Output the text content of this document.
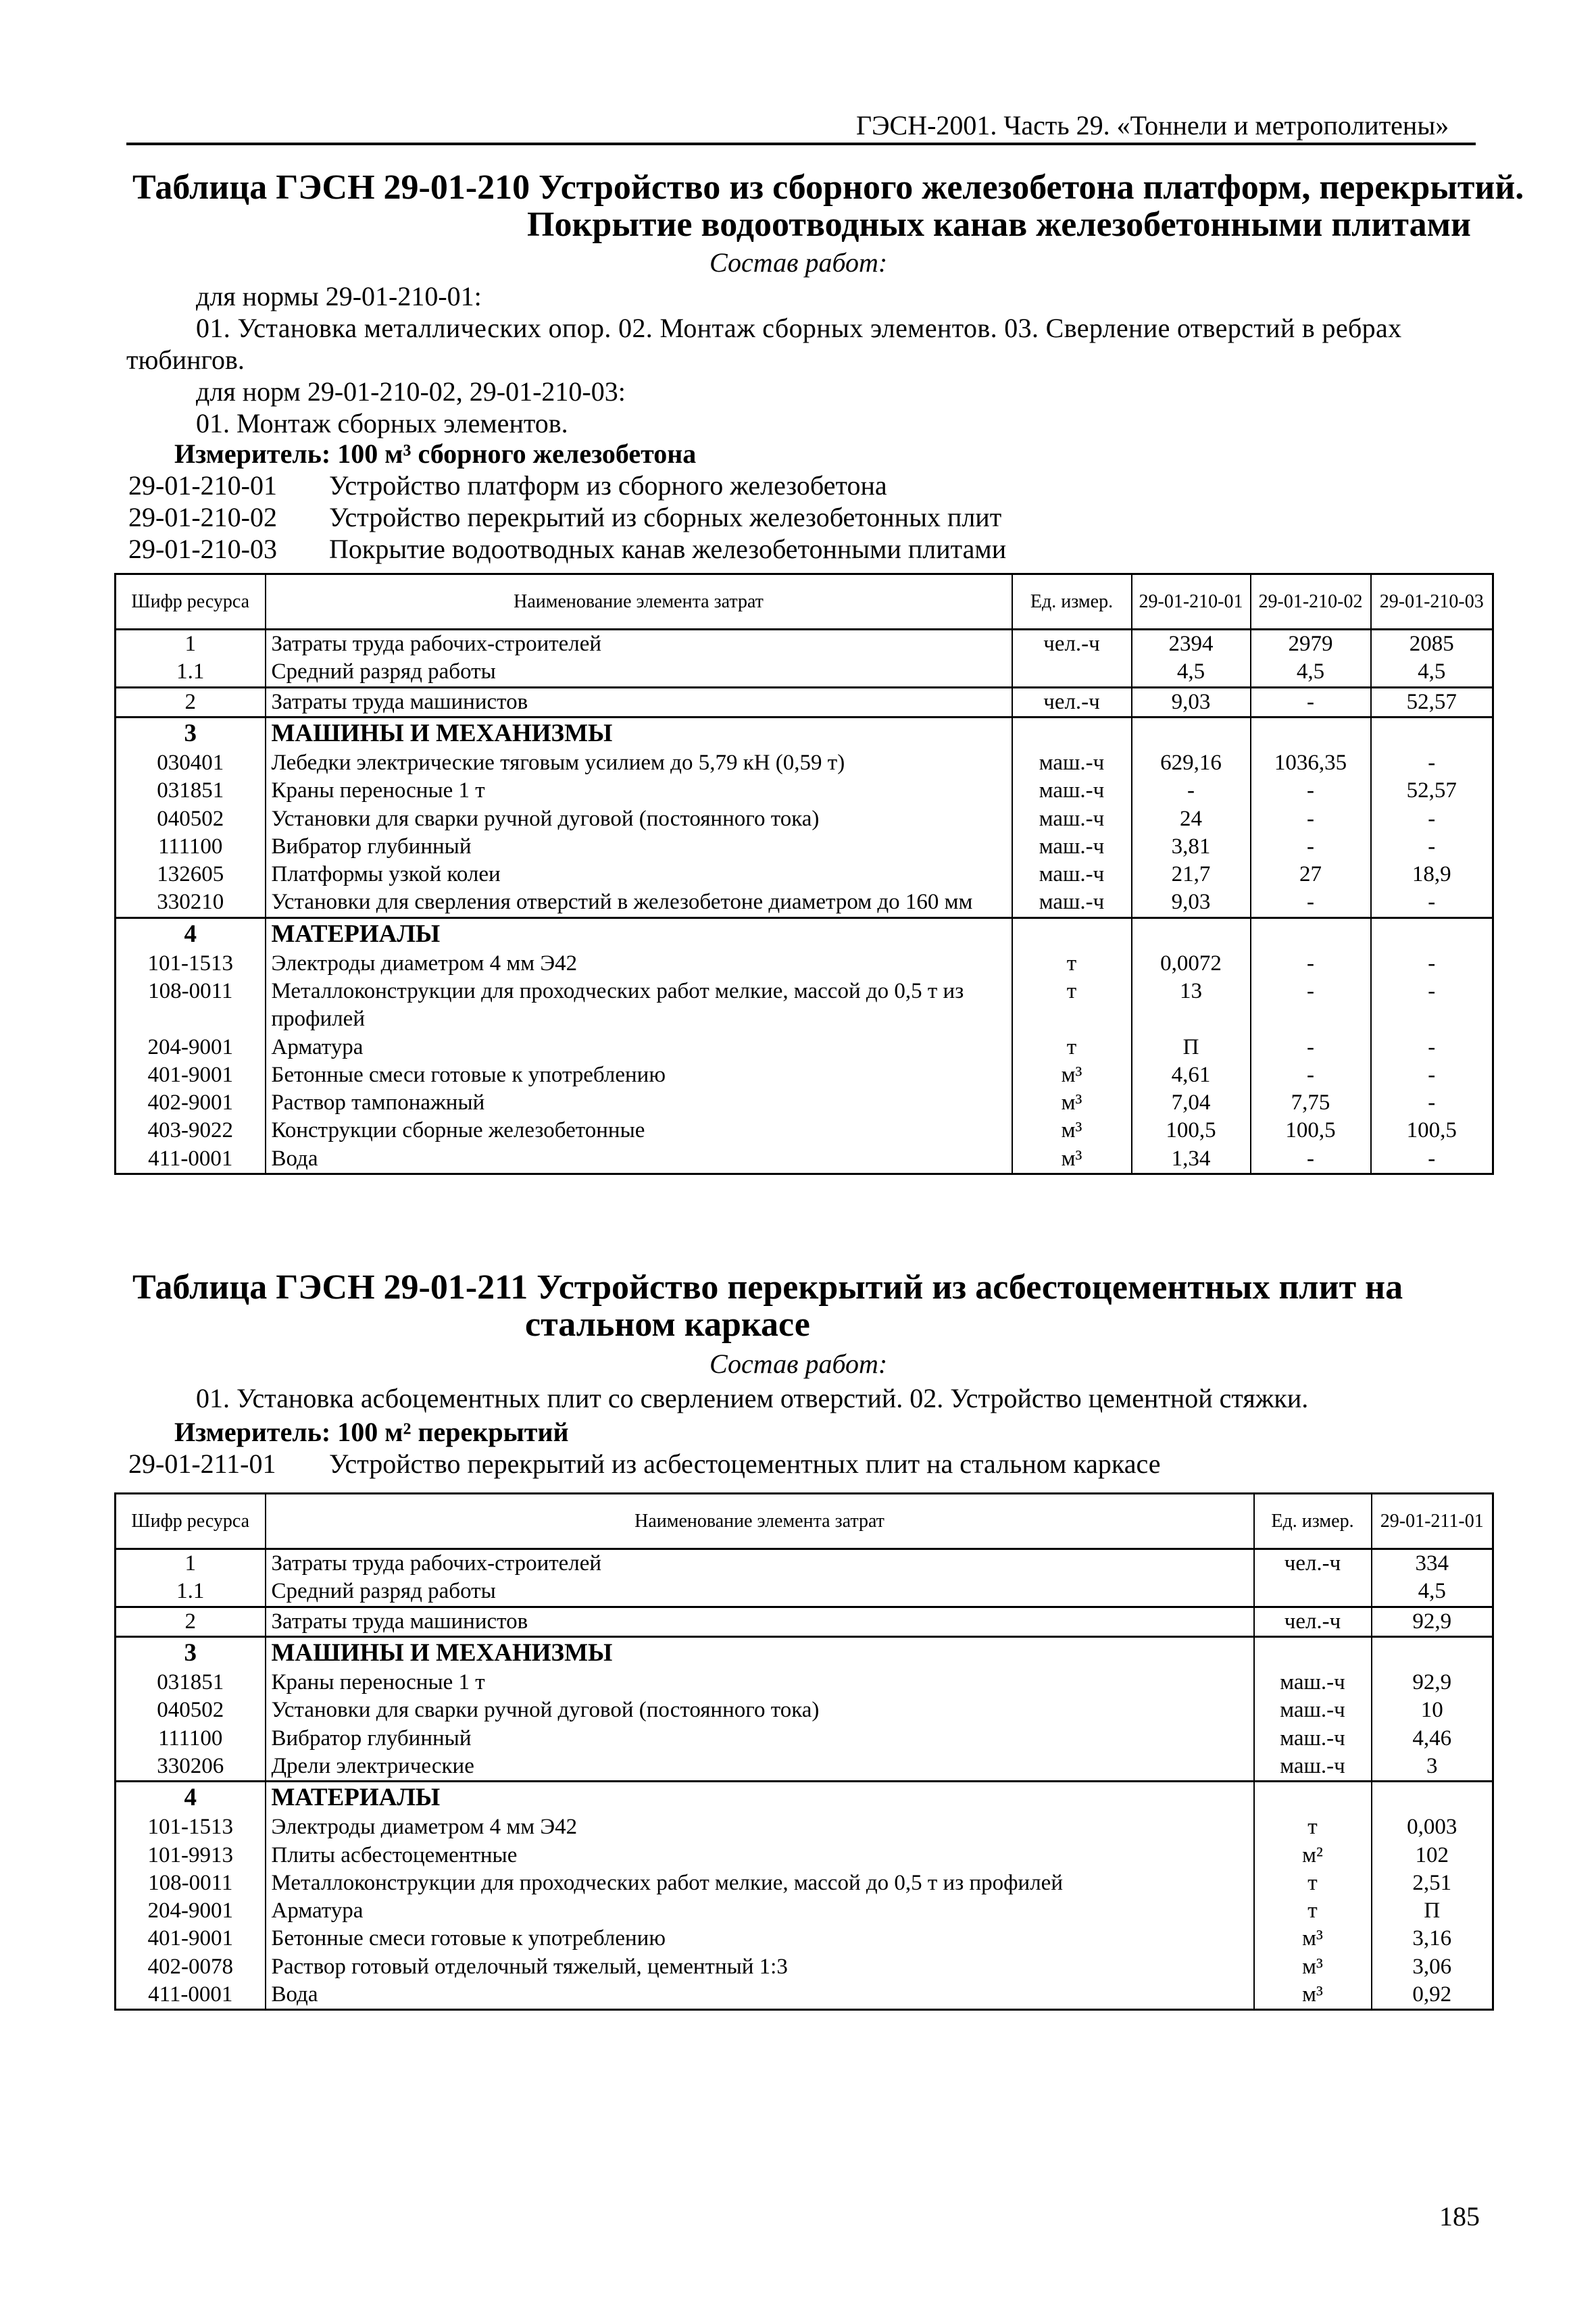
ГЭСН-2001. Часть 29. «Тоннели и метрополитены»
Таблица ГЭСН 29-01-210 Устройство из сборного железобетона платформ, перекрытий.
Покрытие водоотводных канав железобетонными плитами
Состав работ:
для нормы 29-01-210-01:
01. Установка металлических опор. 02. Монтаж сборных элементов. 03. Сверление отверстий в ребрах
тюбингов.
для норм 29-01-210-02, 29-01-210-03:
01. Монтаж сборных элементов.
Измеритель: 100 м³ сборного железобетона
29-01-210-01 Устройство платформ из сборного железобетона
29-01-210-02 Устройство перекрытий из сборных железобетонных плит
29-01-210-03 Покрытие водоотводных канав железобетонными плитами
Шифр ресурса	Наименование элемента затрат	Ед. измер.	29-01-210-01	29-01-210-02	29-01-210-03
1	Затраты труда рабочих-строителей	чел.-ч	2394	2979	2085
1.1	Средний разряд работы		4,5	4,5	4,5
2	Затраты труда машинистов	чел.-ч	9,03	-	52,57
3	МАШИНЫ И МЕХАНИЗМЫ				
030401	Лебедки электрические тяговым усилием до 5,79 кН (0,59 т)	маш.-ч	629,16	1036,35	-
031851	Краны переносные 1 т	маш.-ч	-	-	52,57
040502	Установки для сварки ручной дуговой (постоянного тока)	маш.-ч	24	-	-
111100	Вибратор глубинный	маш.-ч	3,81	-	-
132605	Платформы узкой колеи	маш.-ч	21,7	27	18,9
330210	Установки для сверления отверстий в железобетоне диаметром до 160 мм	маш.-ч	9,03	-	-
4	МАТЕРИАЛЫ				
101-1513	Электроды диаметром 4 мм Э42	т	0,0072	-	-
108-0011	Металлоконструкции для проходческих работ мелкие, массой до 0,5 т из профилей	т	13	-	-
204-9001	Арматура	т	П	-	-
401-9001	Бетонные смеси готовые к употреблению	м³	4,61	-	-
402-9001	Раствор тампонажный	м³	7,04	7,75	-
403-9022	Конструкции сборные железобетонные	м³	100,5	100,5	100,5
411-0001	Вода	м³	1,34	-	-
Таблица ГЭСН 29-01-211 Устройство перекрытий из асбестоцементных плит на
стальном каркасе
Состав работ:
01. Установка асбоцементных плит со сверлением отверстий. 02. Устройство цементной стяжки.
Измеритель: 100 м² перекрытий
29-01-211-01 Устройство перекрытий из асбестоцементных плит на стальном каркасе
Шифр ресурса	Наименование элемента затрат	Ед. измер.	29-01-211-01
1	Затраты труда рабочих-строителей	чел.-ч	334
1.1	Средний разряд работы		4,5
2	Затраты труда машинистов	чел.-ч	92,9
3	МАШИНЫ И МЕХАНИЗМЫ		
031851	Краны переносные 1 т	маш.-ч	92,9
040502	Установки для сварки ручной дуговой (постоянного тока)	маш.-ч	10
111100	Вибратор глубинный	маш.-ч	4,46
330206	Дрели электрические	маш.-ч	3
4	МАТЕРИАЛЫ		
101-1513	Электроды диаметром 4 мм Э42	т	0,003
101-9913	Плиты асбестоцементные	м²	102
108-0011	Металлоконструкции для проходческих работ мелкие, массой до 0,5 т из профилей	т	2,51
204-9001	Арматура	т	П
401-9001	Бетонные смеси готовые к употреблению	м³	3,16
402-0078	Раствор готовый отделочный тяжелый, цементный 1:3	м³	3,06
411-0001	Вода	м³	0,92
185
